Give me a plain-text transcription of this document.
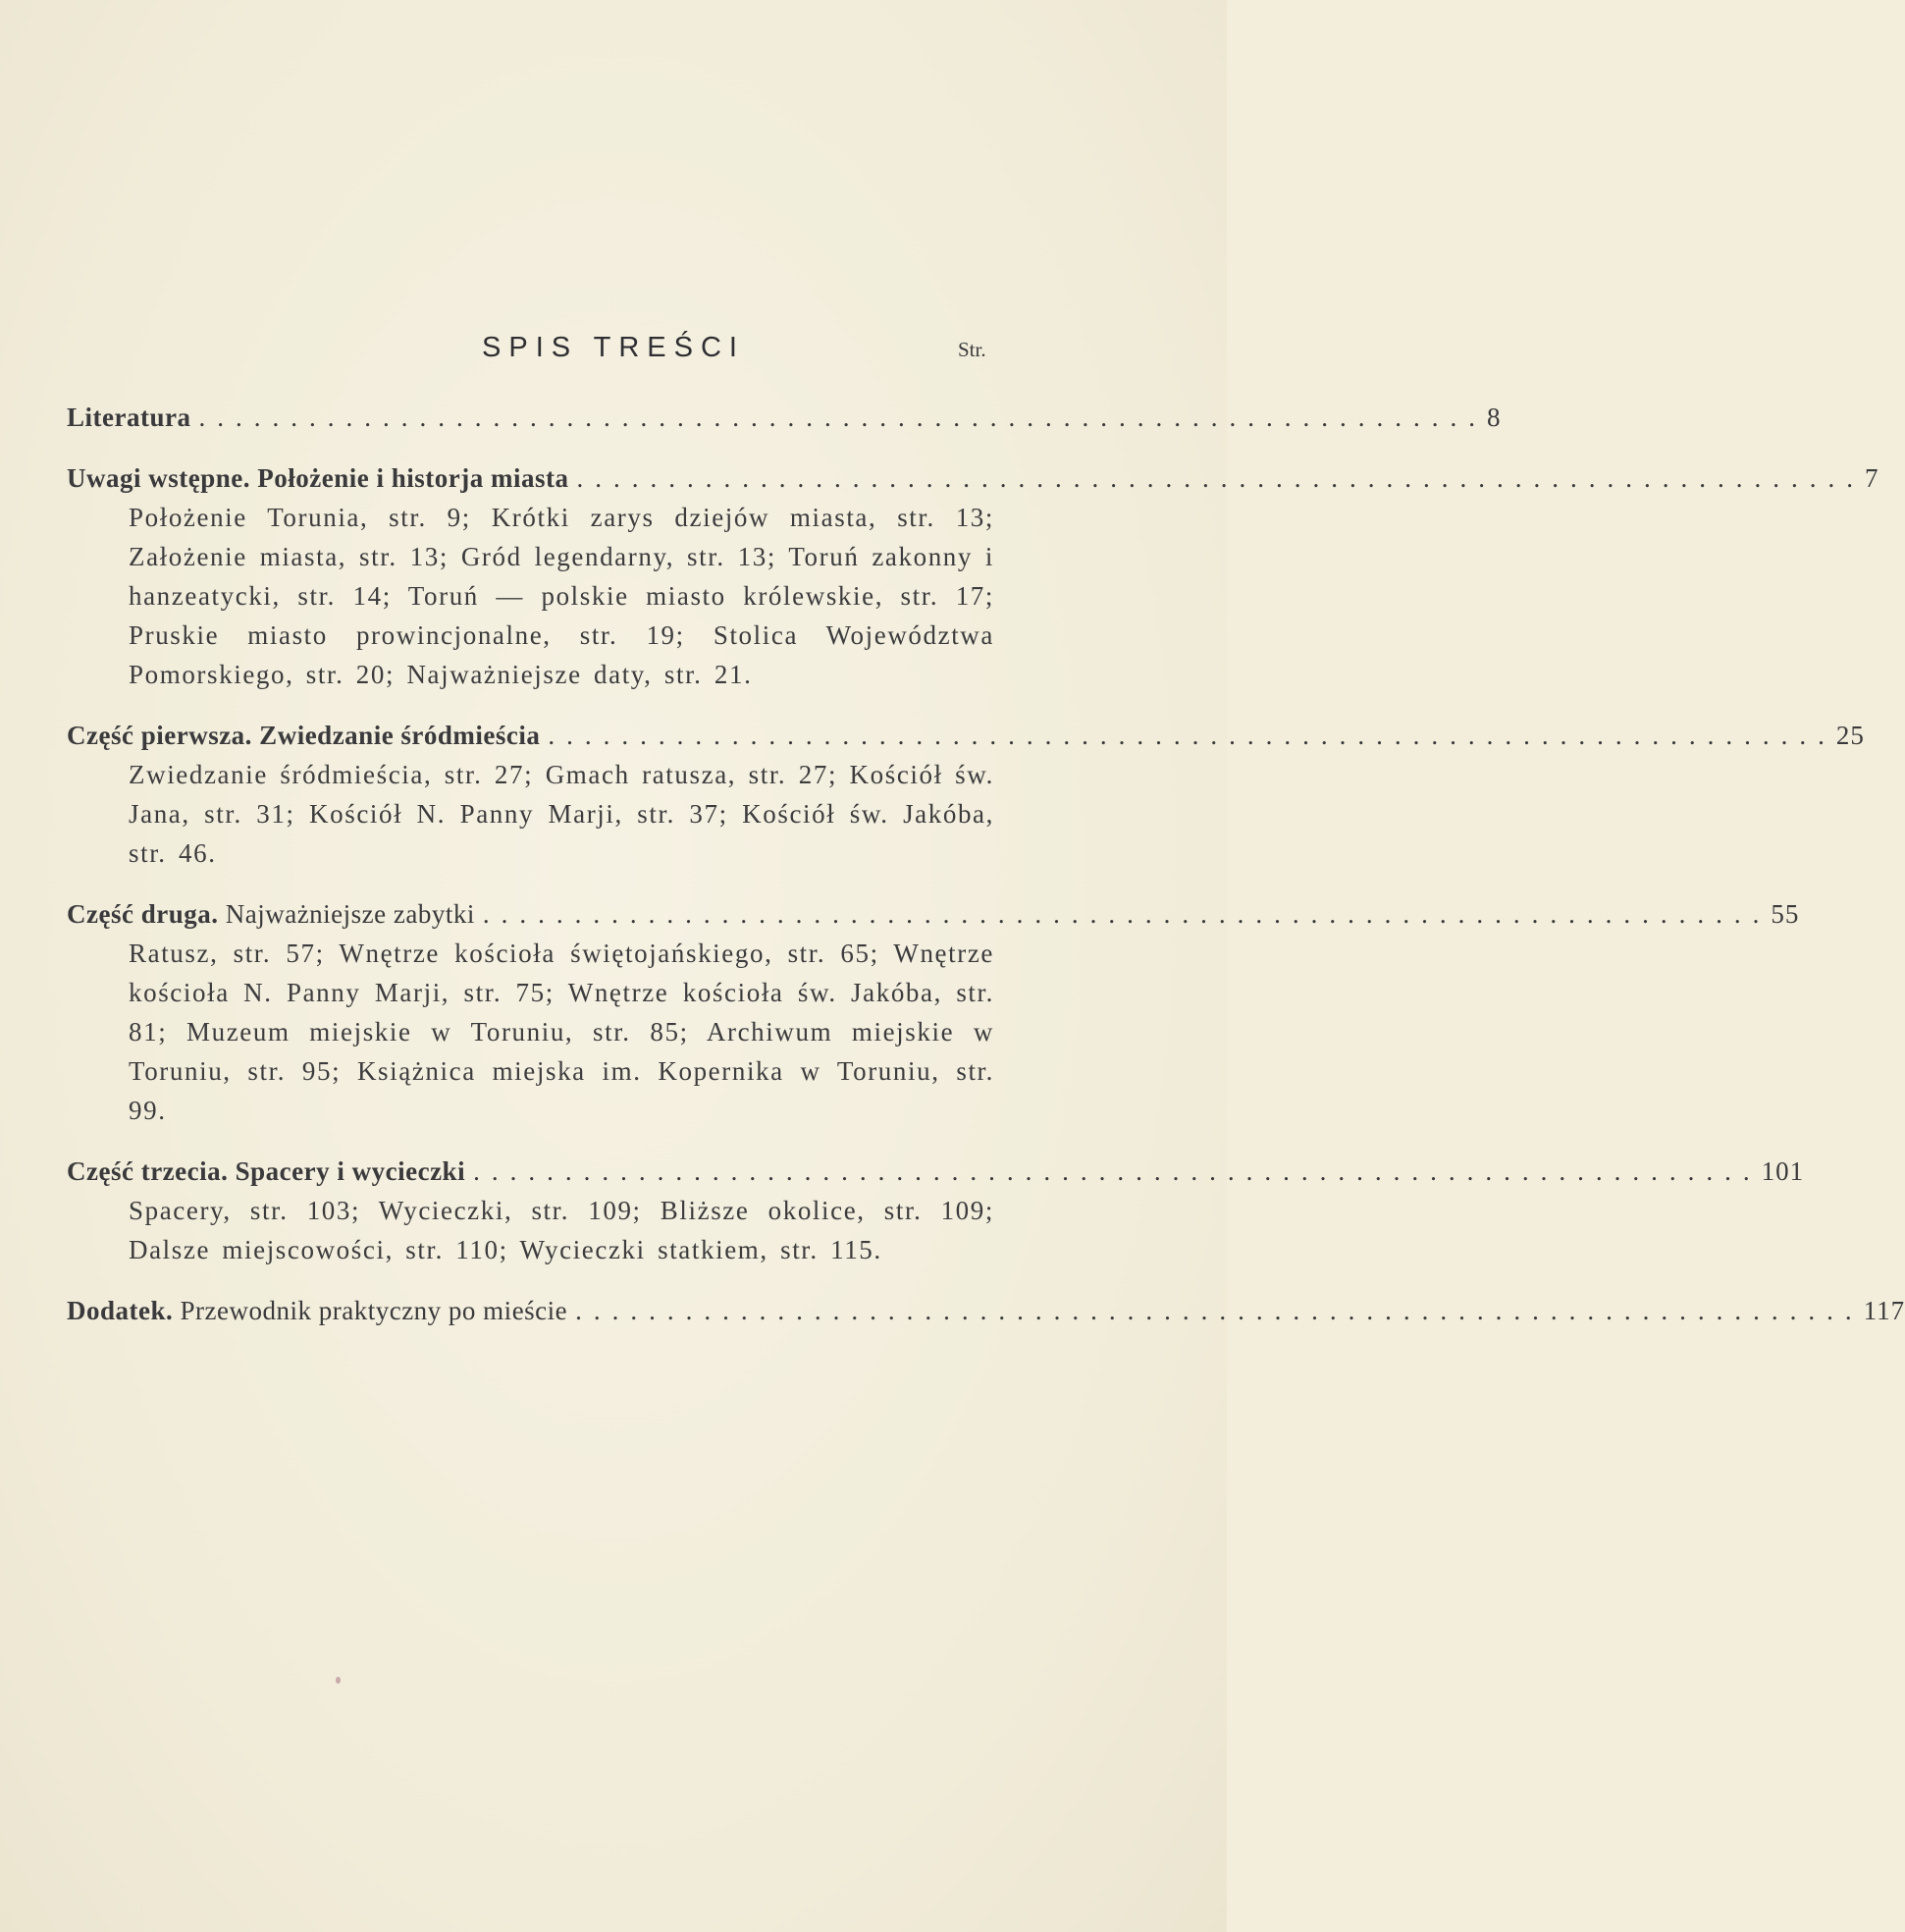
SPIS TREŚCI	Str.
Literatura ...................................................................... 8
Uwagi wstępne. Położenie i historja miasta ...................................................................... 7
Położenie Torunia, str. 9; Krótki zarys dziejów miasta, str. 13; Założenie miasta, str. 13; Gród legendarny, str. 13; Toruń zakonny i hanzeatycki, str. 14; Toruń — polskie miasto królewskie, str. 17; Pruskie miasto prowincjonalne, str. 19; Stolica Województwa Pomorskiego, str. 20; Najważniejsze daty, str. 21.
Część pierwsza. Zwiedzanie śródmieścia ...................................................................... 25
Zwiedzanie śródmieścia, str. 27; Gmach ratusza, str. 27; Kościół św. Jana, str. 31; Kościół N. Panny Marji, str. 37; Kościół św. Jakóba, str. 46.
Część druga. Najważniejsze zabytki ...................................................................... 55
Ratusz, str. 57; Wnętrze kościoła świętojańskiego, str. 65; Wnętrze kościoła N. Panny Marji, str. 75; Wnętrze kościoła św. Jakóba, str. 81; Muzeum miejskie w Toruniu, str. 85; Archiwum miejskie w Toruniu, str. 95; Książnica miejska im. Kopernika w Toruniu, str. 99.
Część trzecia. Spacery i wycieczki ...................................................................... 101
Spacery, str. 103; Wycieczki, str. 109; Bliższe okolice, str. 109; Dalsze miejscowości, str. 110; Wycieczki statkiem, str. 115.
Dodatek. Przewodnik praktyczny po mieście ...................................................................... 117
